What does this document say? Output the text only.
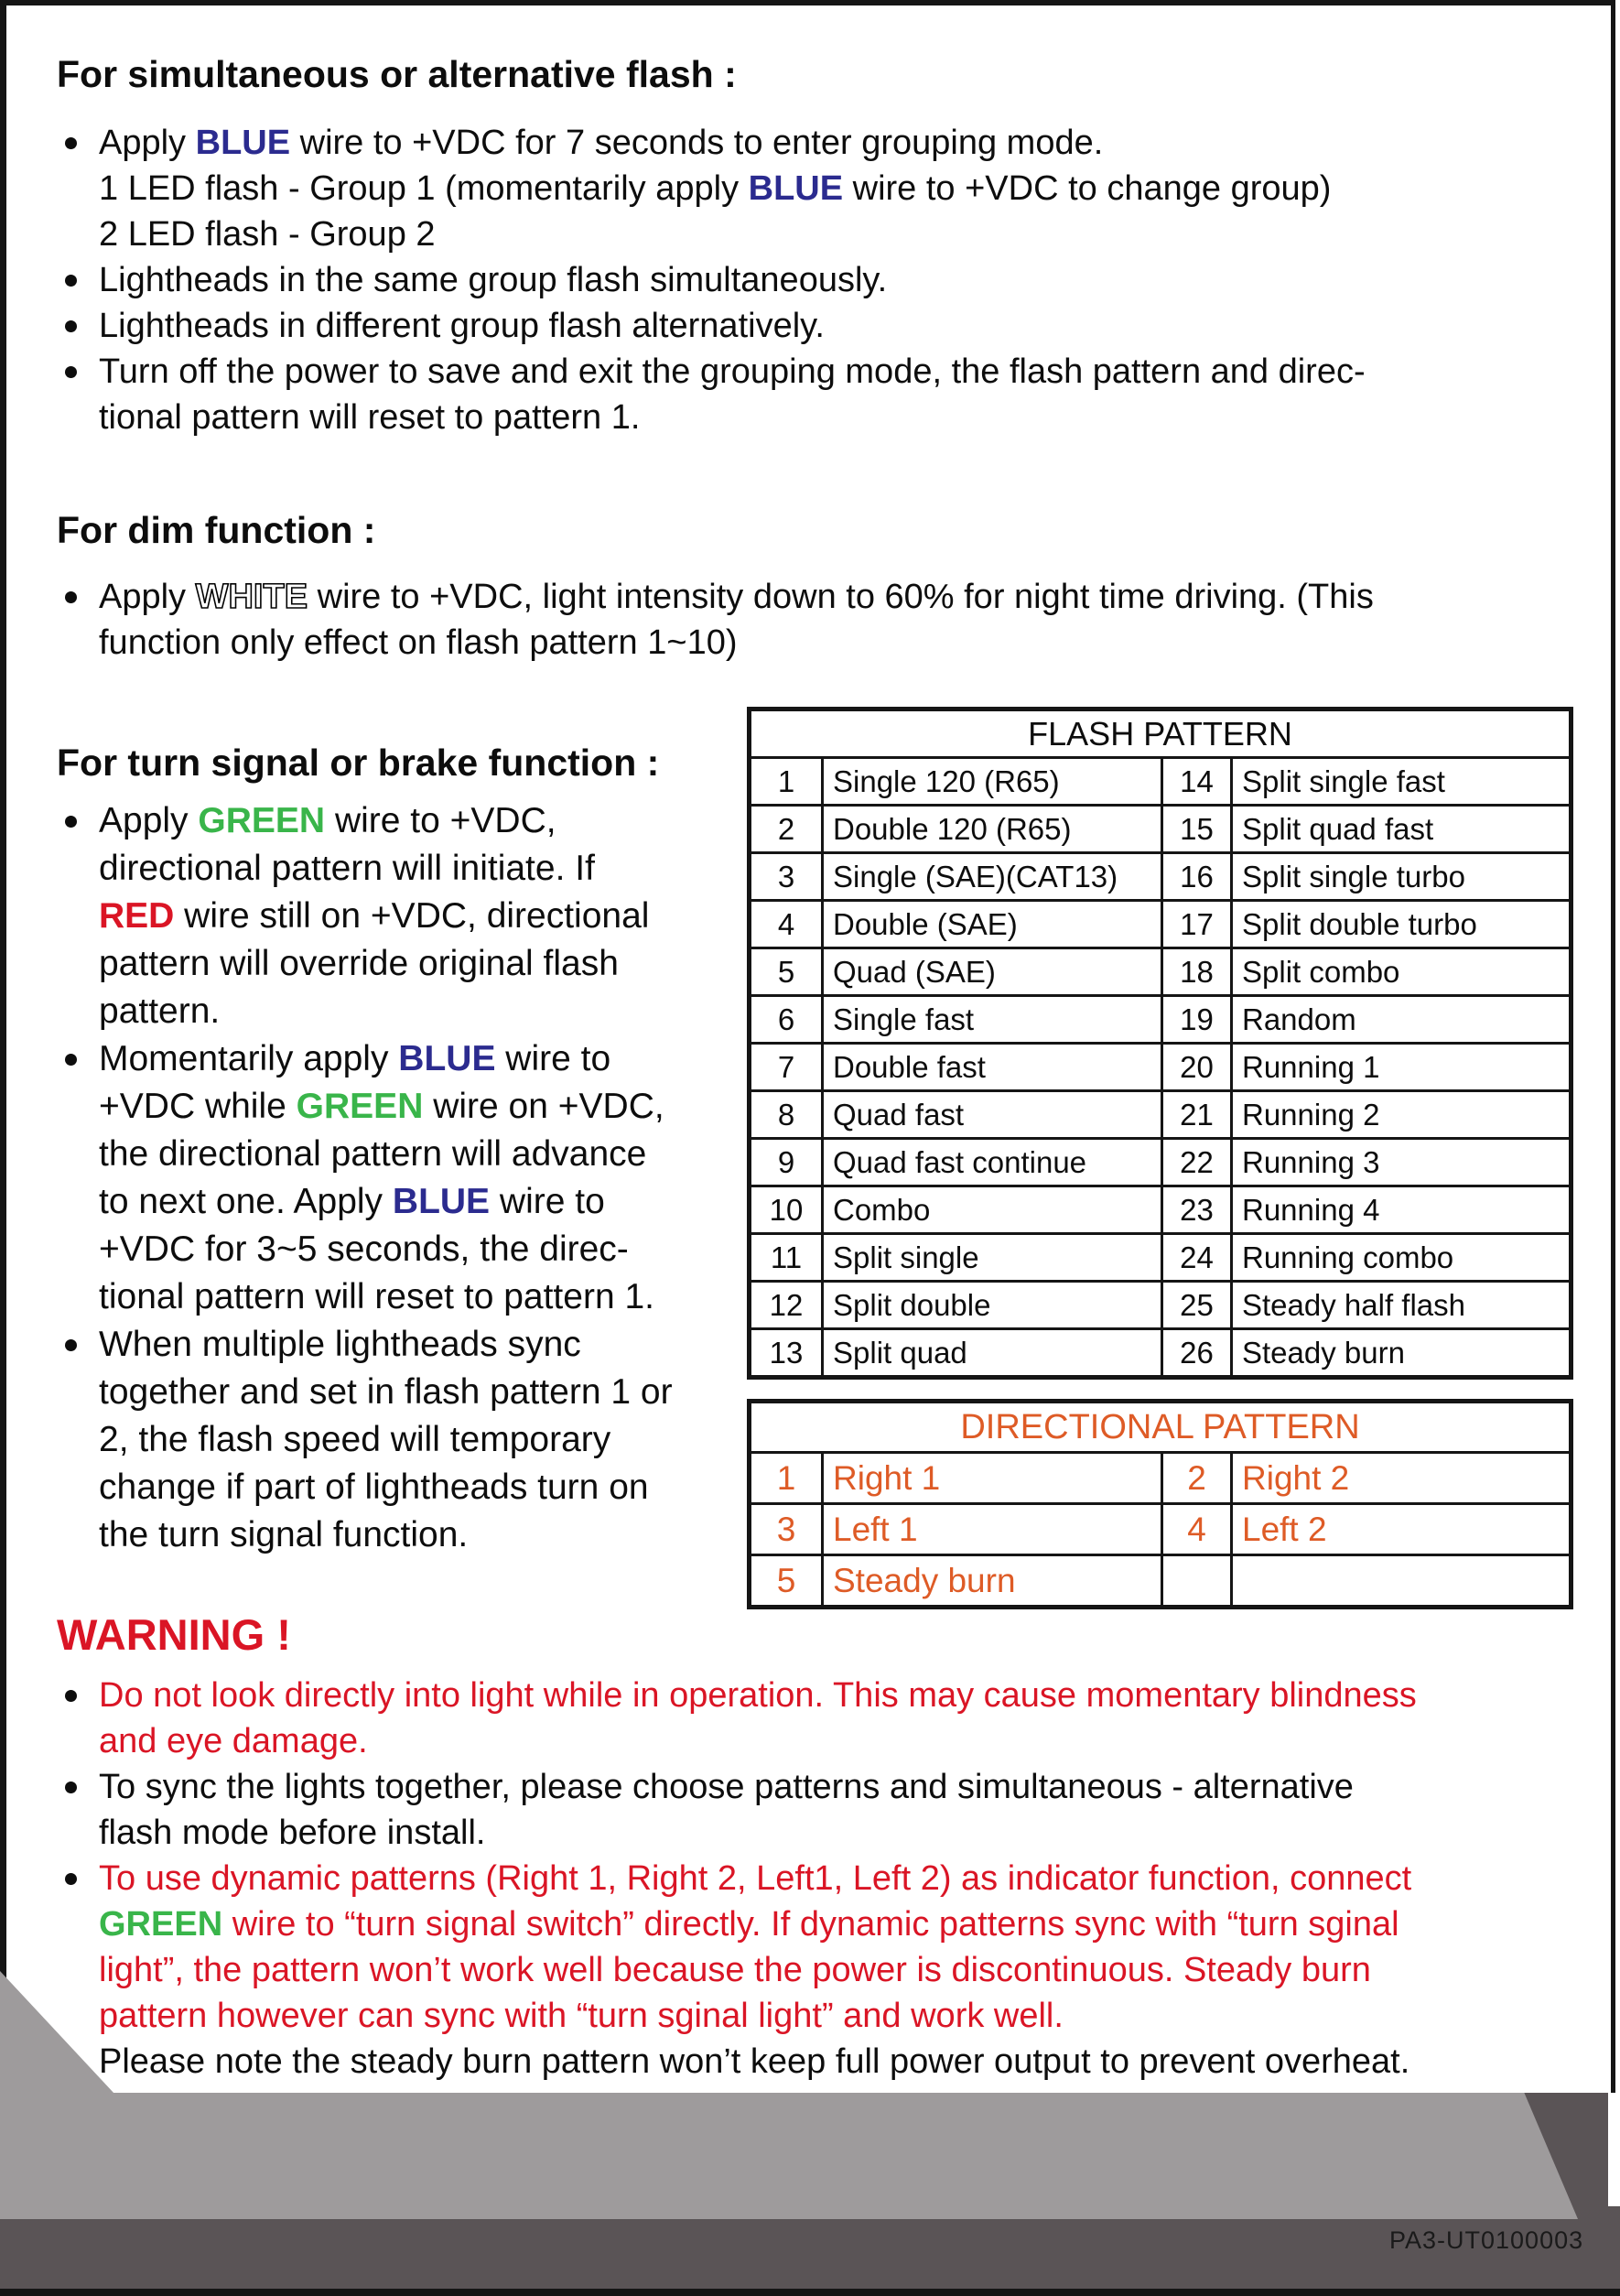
For simultaneous or alternative flash :
Apply BLUE wire to +VDC for 7 seconds to enter grouping mode.
1 LED flash - Group 1 (momentarily apply BLUE wire to +VDC to change group)
2 LED flash - Group 2
Lightheads in the same group flash simultaneously.
Lightheads in different group flash alternatively.
Turn off the power to save and exit the grouping mode, the flash pattern and direc-
tional pattern will reset to pattern 1.
For dim function :
Apply WHITE wire to +VDC, light intensity down to 60% for night time driving. (This
function only effect on flash pattern 1~10)
For turn signal or brake function :
Apply GREEN wire to +VDC,
directional pattern will initiate. If
RED wire still on +VDC, directional
pattern will override original flash
pattern.
Momentarily apply BLUE wire to
+VDC while GREEN wire on +VDC,
the directional pattern will advance
to next one. Apply BLUE wire to
+VDC for 3~5 seconds, the direc-
tional pattern will reset to pattern 1.
When multiple lightheads sync
together and set in flash pattern 1 or
2, the flash speed will temporary
change if part of lightheads turn on
the turn signal function.
FLASH PATTERN			
1	Single 120 (R65)	14	Split single fast
2	Double 120 (R65)	15	Split quad fast
3	Single (SAE)(CAT13)	16	Split single turbo
4	Double (SAE)	17	Split double turbo
5	Quad (SAE)	18	Split combo
6	Single fast	19	Random
7	Double fast	20	Running 1
8	Quad fast	21	Running 2
9	Quad fast continue	22	Running 3
10	Combo	23	Running 4
11	Split single	24	Running combo
12	Split double	25	Steady half flash
13	Split quad	26	Steady burn
DIRECTIONAL PATTERN			
1	Right 1	2	Right 2
3	Left 1	4	Left 2
5	Steady burn		
WARNING !
Do not look directly into light while in operation. This may cause momentary blindness
and eye damage.
To sync the lights together, please choose patterns and simultaneous - alternative
flash mode before install.
To use dynamic patterns (Right 1, Right 2, Left1, Left 2) as indicator function, connect
GREEN wire to “turn signal switch” directly. If dynamic patterns sync with “turn sginal
light”, the pattern won’t work well because the power is discontinuous. Steady burn
pattern however can sync with “turn sginal light” and work well.
Please note the steady burn pattern won’t keep full power output to prevent overheat.
PA3-UT0100003
